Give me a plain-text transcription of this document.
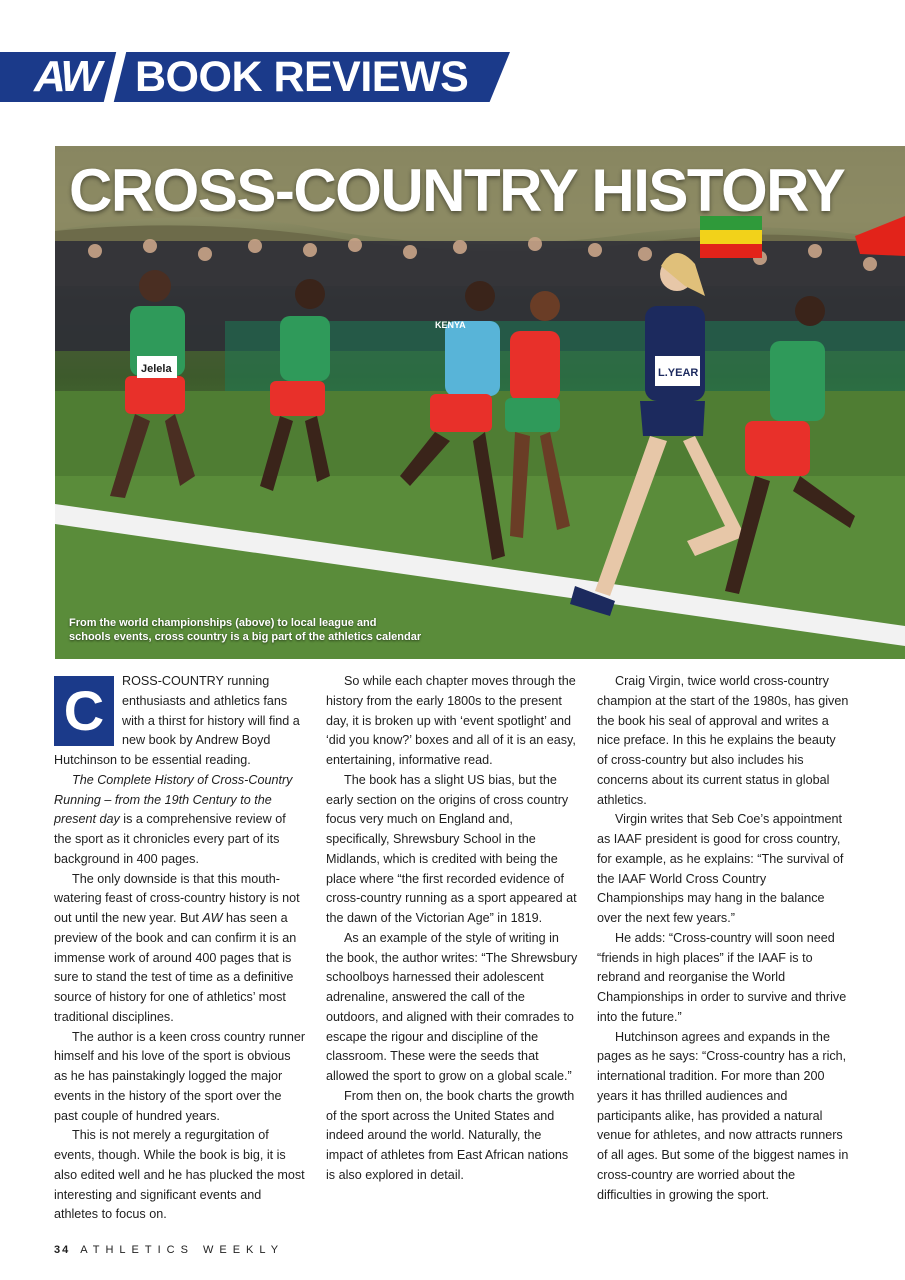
AW BOOK REVIEWS
Jelela
KENYA
L.YEAR
CROSS-COUNTRY HISTORY
From the world championships (above) to local league and
schools events, cross country is a big part of the athletics calendar

C	ROSS-COUNTRY running enthusiasts and athletics fans with a thirst for history will find a new book by Andrew Boyd Hutchinson to be essential reading.

The Complete History of Cross-Country Running – from the 19th Century to the present day is a comprehensive review of the sport as it chronicles every part of its background in 400 pages.

The only downside is that this mouth-watering feast of cross-country history is not out until the new year. But AW has seen a preview of the book and can confirm it is an immense work of around 400 pages that is sure to stand the test of time as a definitive source of history for one of athletics’ most traditional disciplines.

The author is a keen cross country runner himself and his love of the sport is obvious as he has painstakingly logged the major events in the history of the sport over the past couple of hundred years.

This is not merely a regurgitation of events, though. While the book is big, it is also edited well and he has plucked the most interesting and significant events and athletes to focus on.

So while each chapter moves through the history from the early 1800s to the present day, it is broken up with ‘event spotlight’ and ‘did you know?’ boxes and all of it is an easy, entertaining, informative read.

The book has a slight US bias, but the early section on the origins of cross country focus very much on England and, specifically, Shrewsbury School in the Midlands, which is credited with being the place where “the first recorded evidence of cross-country running as a sport appeared at the dawn of the Victorian Age” in 1819.

As an example of the style of writing in the book, the author writes: “The Shrewsbury schoolboys harnessed their adolescent adrenaline, answered the call of the outdoors, and aligned with their comrades to escape the rigour and discipline of the classroom. These were the seeds that allowed the sport to grow on a global scale.”

From then on, the book charts the growth of the sport across the United States and indeed around the world. Naturally, the impact of athletes from East African nations is also explored in detail.

Craig Virgin, twice world cross-country champion at the start of the 1980s, has given the book his seal of approval and writes a nice preface. In this he explains the beauty of cross-country but also includes his concerns about its current status in global athletics.

Virgin writes that Seb Coe’s appointment as IAAF president is good for cross country, for example, as he explains: “The survival of the IAAF World Cross Country Championships may hang in the balance over the next few years.”

He adds: “Cross-country will soon need “friends in high places” if the IAAF is to rebrand and reorganise the World Championships in order to survive and thrive into the future.”

Hutchinson agrees and expands in the pages as he says: “Cross-country has a rich, international tradition. For more than 200 years it has thrilled audiences and participants alike, has provided a natural venue for athletes, and now attracts runners of all ages. But some of the biggest names in cross-country are worried about the difficulties in growing the sport.

34 ATHLETICS WEEKLY
